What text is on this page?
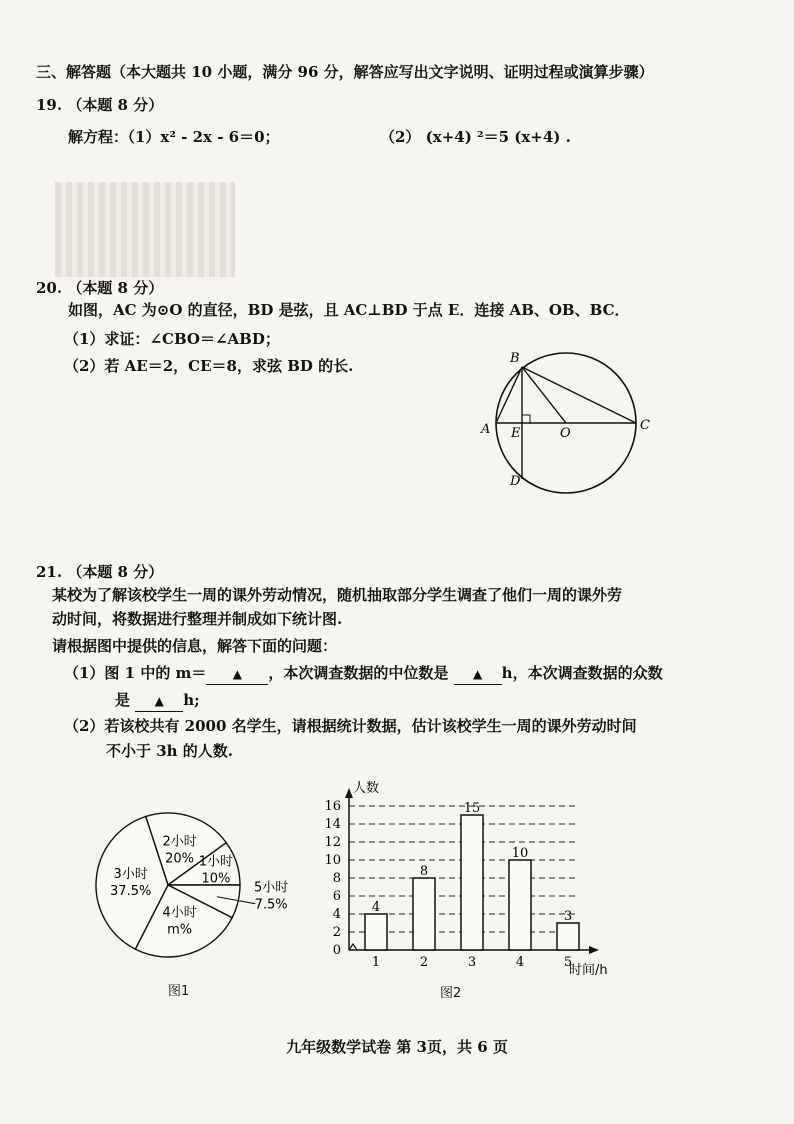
三、解答题（本大题共 10 小题，满分 96 分，解答应写出文字说明、证明过程或演算步骤）
19. （本题 8 分）
解方程：
（1）x² - 2x - 6＝0；	（2） (x+4) ²＝5 (x+4) .
20. （本题 8 分）
如图，AC 为⊙O 的直径，BD 是弦，且 AC⊥BD 于点 E．连接 AB、OB、BC．
（1）求证：∠CBO＝∠ABD；
（2）若 AE＝2，CE＝8，求弦 BD 的长.	B
A E	O
C
D
21. （本题 8 分）
某校为了解该校学生一周的课外劳动情况，随机抽取部分学生调查了他们一周的课外劳
动时间，将数据进行整理并制成如下统计图.
请根据图中提供的信息，解答下面的问题：
（1）图 1 中的 m＝ ▲ ，本次调查数据的中位数是 ▲ h，本次调查数据的众数
是 ▲ h;
（2）若该校共有 2000 名学生，请根据统计数据，估计该校学生一周的课外劳动时间
不小于 3h 的人数.
2小时
20% 1小时
10%
5小时
7.5%
4小时
m%
3小时
37.5%
图1
0
2
4
6
8
10
12
14
16
人数
时间/h
4
1
8
2
15
3
10
4
3
5
图2
九年级数学试卷 第 3页，共 6 页
